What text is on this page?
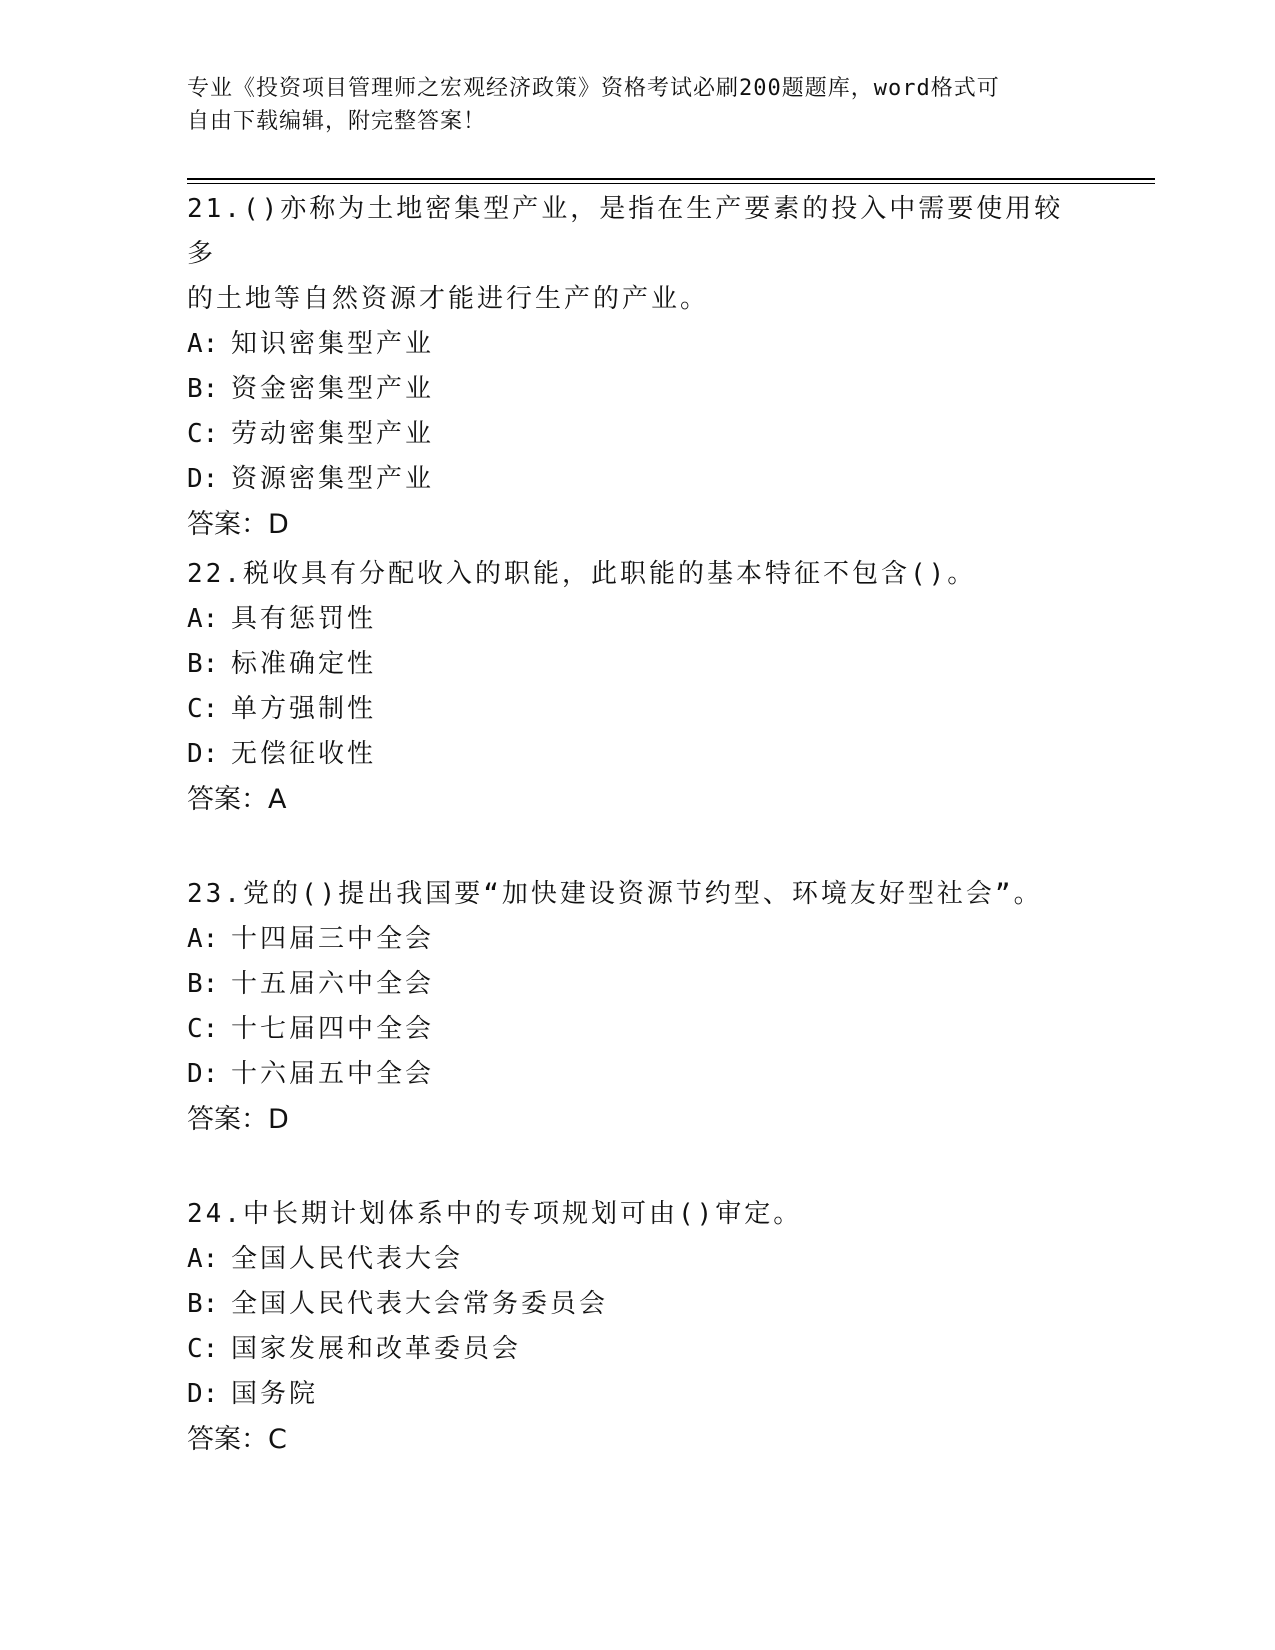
专业《投资项目管理师之宏观经济政策》资格考试必刷200题题库，word格式可
自由下载编辑，附完整答案！

21.()亦称为土地密集型产业，是指在生产要素的投入中需要使用较多
的土地等自然资源才能进行生产的产业。

A: 知识密集型产业

B: 资金密集型产业

C: 劳动密集型产业

D: 资源密集型产业

答案：D

22.税收具有分配收入的职能，此职能的基本特征不包含()。

A: 具有惩罚性

B: 标准确定性

C: 单方强制性

D: 无偿征收性

答案：A

23.党的()提出我国要“加快建设资源节约型、环境友好型社会”。

A: 十四届三中全会

B: 十五届六中全会

C: 十七届四中全会

D: 十六届五中全会

答案：D

24.中长期计划体系中的专项规划可由()审定。

A: 全国人民代表大会

B: 全国人民代表大会常务委员会

C: 国家发展和改革委员会

D: 国务院

答案：C
